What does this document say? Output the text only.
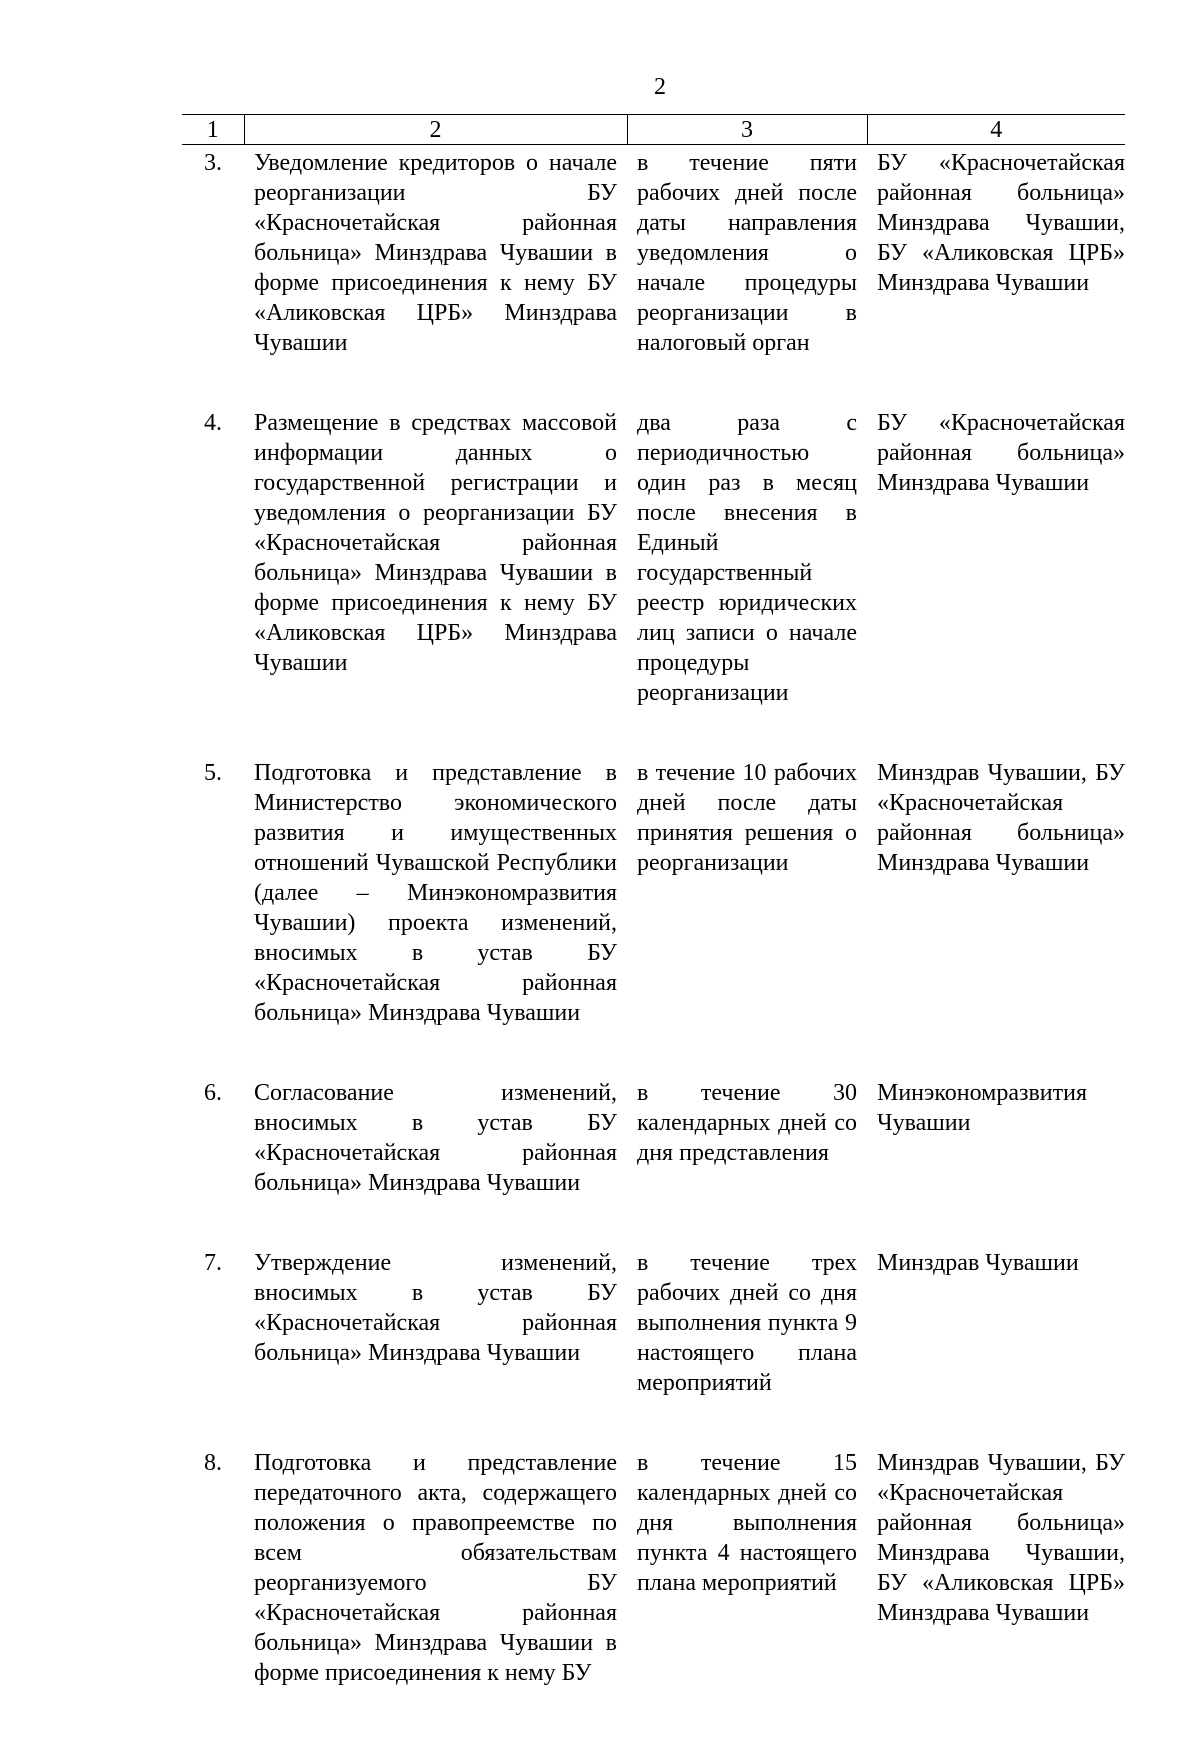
2
1	2	3	4
3.	Уведомление кредиторов о начале реорганизации БУ «Красночетайская районная больница» Минздрава Чувашии в форме присоединения к нему БУ «Аликовская ЦРБ» Минздрава Чувашии	в течение пяти рабочих дней после даты направления уведомления о начале процедуры реорганизации в налоговый орган	БУ «Красночетайская районная больница» Минздрава Чувашии, БУ «Аликовская ЦРБ» Минздрава Чувашии
4.	Размещение в средствах массовой информации данных о государственной регистрации и уведомления о реорганизации БУ «Красночетайская районная больница» Минздрава Чувашии в форме присоединения к нему БУ «Аликовская ЦРБ» Минздрава Чувашии	два раза с периодичностью один раз в месяц после внесения в Единый государственный реестр юридических лиц записи о начале процедуры реорганизации	БУ «Красночетайская районная больница» Минздрава Чувашии
5.	Подготовка и представление в Министерство экономического развития и имущественных отношений Чувашской Республики (далее – Минэкономразвития Чувашии) проекта изменений, вносимых в устав БУ «Красночетайская районная больница» Минздрава Чувашии	в течение 10 рабочих дней после даты принятия решения о реорганизации	Минздрав Чувашии, БУ «Красночетайская районная больница» Минздрава Чувашии
6.	Согласование изменений, вносимых в устав БУ «Красночетайская районная больница» Минздрава Чувашии	в течение 30 календарных дней со дня представления	Минэкономразвития Чувашии
7.	Утверждение изменений, вносимых в устав БУ «Красночетайская районная больница» Минздрава Чувашии	в течение трех рабочих дней со дня выполнения пункта 9 настоящего плана мероприятий	Минздрав Чувашии
8.	Подготовка и представление передаточного акта, содержащего положения о правопреемстве по всем обязательствам реорганизуемого БУ «Красночетайская районная больница» Минздрава Чувашии в форме присоединения к нему БУ	в течение 15 календарных дней со дня выполнения пункта 4 настоящего плана мероприятий	Минздрав Чувашии, БУ «Красночетайская районная больница» Минздрава Чувашии, БУ «Аликовская ЦРБ» Минздрава Чувашии
